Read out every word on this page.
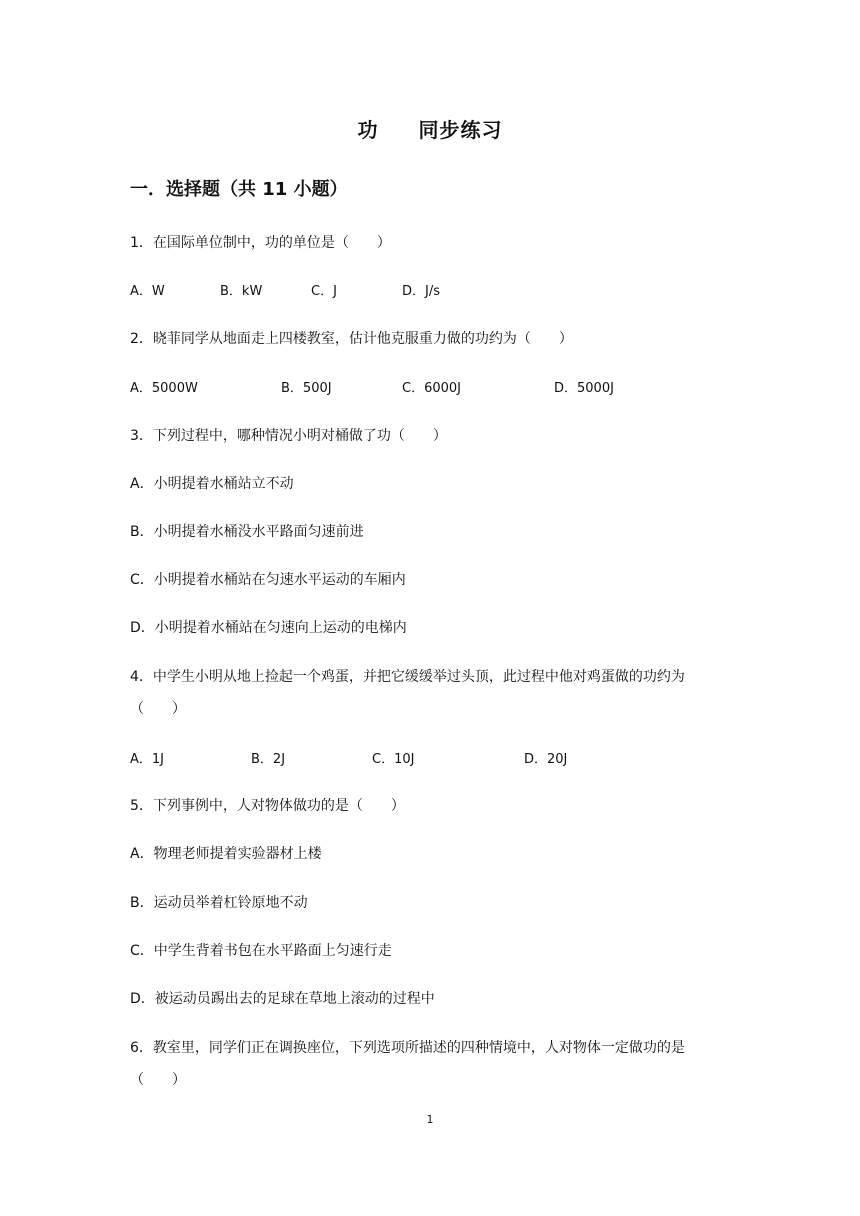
功 同步练习
一．选择题（共 11 小题）
1．在国际单位制中，功的单位是（　　）
A．W	B．kW	C．J	D．J/s
2．晓菲同学从地面走上四楼教室，估计他克服重力做的功约为（　　）
A．5000W	B．500J	C．6000J	D．5000J
3．下列过程中，哪种情况小明对桶做了功（　　）
A．小明提着水桶站立不动
B．小明提着水桶没水平路面匀速前进
C．小明提着水桶站在匀速水平运动的车厢内
D．小明提着水桶站在匀速向上运动的电梯内
4．中学生小明从地上捡起一个鸡蛋，并把它缓缓举过头顶，此过程中他对鸡蛋做的功约为
（　　）
A．1J	B．2J	C．10J	D．20J
5．下列事例中，人对物体做功的是（　　）
A．物理老师提着实验器材上楼
B．运动员举着杠铃原地不动
C．中学生背着书包在水平路面上匀速行走
D．被运动员踢出去的足球在草地上滚动的过程中
6．教室里，同学们正在调换座位，下列选项所描述的四种情境中，人对物体一定做功的是
（　　）
1
